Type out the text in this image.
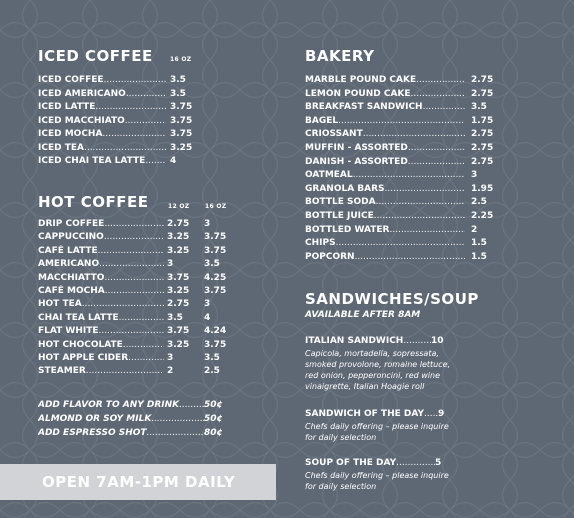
ICED COFFEE	16 OZ
ICED COFFEE .....	3.5
ICED AMERICANO .....	3.5
ICED LATTE .....	3.75
ICED MACCHIATO .....	3.75
ICED MOCHA .....	3.75
ICED TEA .....	3.25
ICED CHAI TEA LATTE .....	4
HOT COFFEE	12 OZ	16 OZ
DRIP COFFEE .....	2.75 3
CAPPUCCINO .....	3.25 3.75
CAFÉ LATTE .....	3.25 3.75
AMERICANO .....	3	3.5
MACCHIATTO .....	3.75 4.25
CAFÉ MOCHA .....	3.25 3.75
HOT TEA .....	2.75 3
CHAI TEA LATTE .....	3.5 4
FLAT WHITE .....	3.75 4.24
HOT CHOCOLATE .....	3.25 3.75
HOT APPLE CIDER .....	3	3.5
STEAMER .....	2	2.5
ADD FLAVOR TO ANY DRINK .....	50¢
ALMOND OR SOY MILK .....	50¢
ADD ESPRESSO SHOT .....	80¢
OPEN 7AM-1PM DAILY
BAKERY
MARBLE POUND CAKE .....	2.75
LEMON POUND CAKE .....	2.75
BREAKFAST SANDWICH .....	3.5
BAGEL .....	1.75
CRIOSSANT .....	2.75
MUFFIN - ASSORTED .....	2.75
DANISH - ASSORTED .....	2.75
OATMEAL .....	3
GRANOLA BARS .....	1.95
BOTTLE SODA .....	2.5
BOTTLE JUICE .....	2.25
BOTTLED WATER .....	2
CHIPS .....	1.5
POPCORN .....	1.5
SANDWICHES/SOUP
AVAILABLE AFTER 8AM
ITALIAN SANDWICH .....	10
Capicola, mortadella, sopressata,
smoked provolone, romaine lettuce,
red onion, pepperoncini, red wine
vinaigrette, Italian Hoagie roll
SANDWICH OF THE DAY .....	9
Chefs daily offering – please inquire
for daily selection
SOUP OF THE DAY .....	5
Chefs daily offering – please inquire
for daily selection
